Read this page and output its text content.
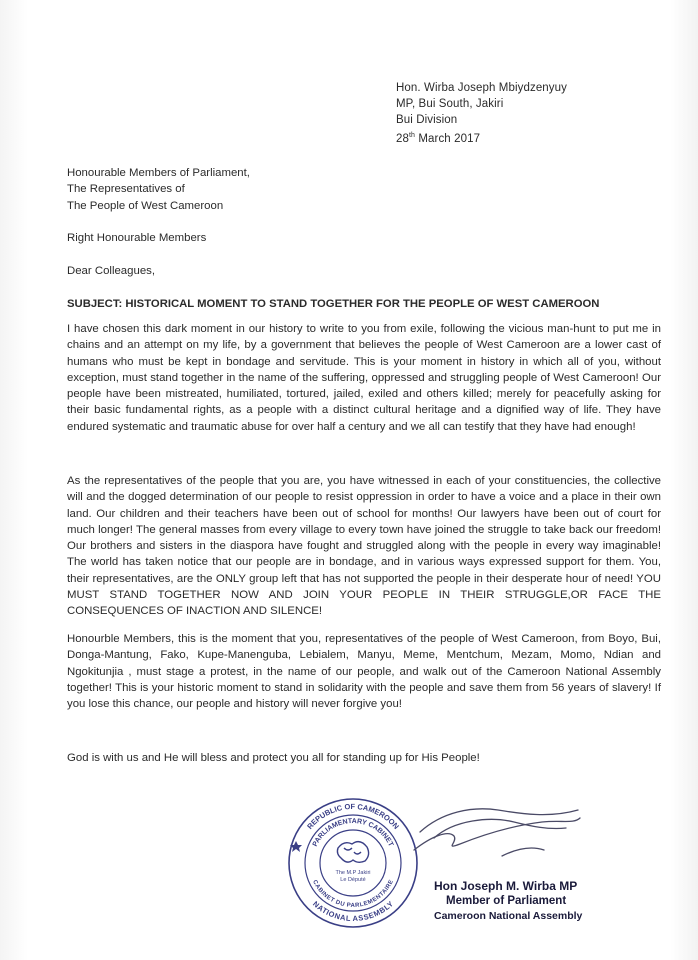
Hon. Wirba Joseph Mbiydzenyuy
MP, Bui South, Jakiri
Bui Division
28th March 2017
Honourable Members of Parliament,
The Representatives of
The People of West Cameroon
Right Honourable Members
Dear Colleagues,
SUBJECT: HISTORICAL MOMENT TO STAND TOGETHER FOR THE PEOPLE OF WEST CAMEROON
I have chosen this dark moment in our history to write to you from exile, following the vicious man-hunt to put me in chains and an attempt on my life, by a government that believes the people of West Cameroon are a lower cast of humans who must be kept in bondage and servitude. This is your moment in history in which all of you, without exception, must stand together in the name of the suffering, oppressed and struggling people of West Cameroon! Our people have been mistreated, humiliated, tortured, jailed, exiled and others killed; merely for peacefully asking for their basic fundamental rights, as a people with a distinct cultural heritage and a dignified way of life. They have endured systematic and traumatic abuse for over half a century and we all can testify that they have had enough!
As the representatives of the people that you are, you have witnessed in each of your constituencies, the collective will and the dogged determination of our people to resist oppression in order to have a voice and a place in their own land. Our children and their teachers have been out of school for months! Our lawyers have been out of court for much longer! The general masses from every village to every town have joined the struggle to take back our freedom! Our brothers and sisters in the diaspora have fought and struggled along with the people in every way imaginable! The world has taken notice that our people are in bondage, and in various ways expressed support for them. You, their representatives, are the ONLY group left that has not supported the people in their desperate hour of need! YOU MUST STAND TOGETHER NOW AND JOIN YOUR PEOPLE IN THEIR STRUGGLE,OR FACE THE CONSEQUENCES OF INACTION AND SILENCE!
Honourble Members, this is the moment that you, representatives of the people of West Cameroon, from Boyo, Bui, Donga-Mantung, Fako, Kupe-Manenguba, Lebialem, Manyu, Meme, Mentchum, Mezam, Momo, Ndian and Ngokitunjia , must stage a protest, in the name of our people, and walk out of the Cameroon National Assembly together! This is your historic moment to stand in solidarity with the people and save them from 56 years of slavery! If you lose this chance, our people and history will never forgive you!
God is with us and He will bless and protect you all for standing up for His People!
REPUBLIC OF CAMEROON
NATIONAL ASSEMBLY
PARLIAMENTARY CABINET
CABINET DU PARLEMENTAIRE
The M.P Jakiri
Le Député	Hon Joseph M. Wirba MP
Member of Parliament
Cameroon National Assembly
